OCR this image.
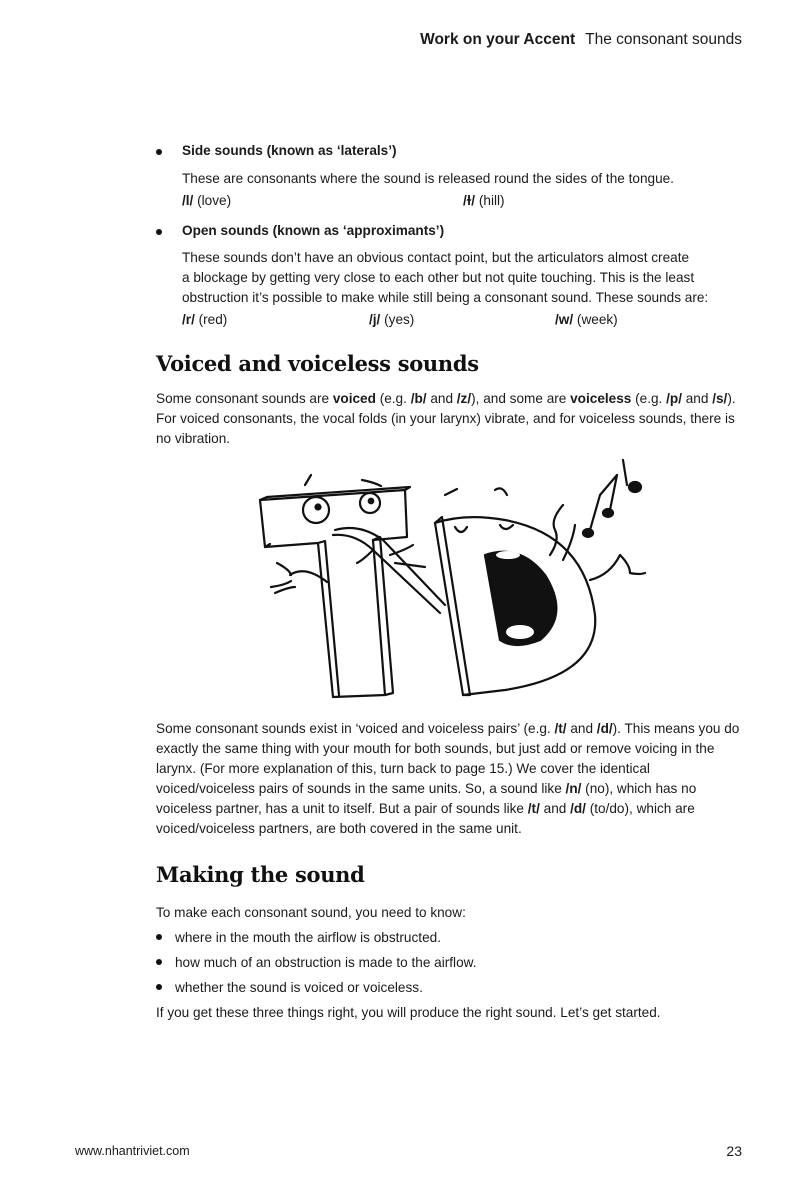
Work on your Accent The consonant sounds
Side sounds (known as ‘laterals’)
These are consonants where the sound is released round the sides of the tongue.
/l/ (love)	/ɫ/ (hill)
Open sounds (known as ‘approximants’)
These sounds don’t have an obvious contact point, but the articulators almost create
a blockage by getting very close to each other but not quite touching. This is the least
obstruction it’s possible to make while still being a consonant sound. These sounds are:
/r/ (red)	/j/ (yes)	/w/ (week)
Voiced and voiceless sounds
Some consonant sounds are voiced (e.g. /b/ and /z/), and some are voiceless (e.g. /p/ and /s/). For voiced consonants, the vocal folds (in your larynx) vibrate, and for voiceless sounds, there is no vibration.
Some consonant sounds exist in ‘voiced and voiceless pairs’ (e.g. /t/ and /d/). This means you do exactly the same thing with your mouth for both sounds, but just add or remove voicing in the larynx. (For more explanation of this, turn back to page 15.) We cover the identical voiced/voiceless pairs of sounds in the same units. So, a sound like /n/ (no), which has no voiceless partner, has a unit to itself. But a pair of sounds like /t/ and /d/ (to/do), which are voiced/voiceless partners, are both covered in the same unit.
Making the sound
To make each consonant sound, you need to know:
where in the mouth the airflow is obstructed.
how much of an obstruction is made to the airflow.
whether the sound is voiced or voiceless.
If you get these three things right, you will produce the right sound. Let’s get started.
www.nhantriviet.com	23
